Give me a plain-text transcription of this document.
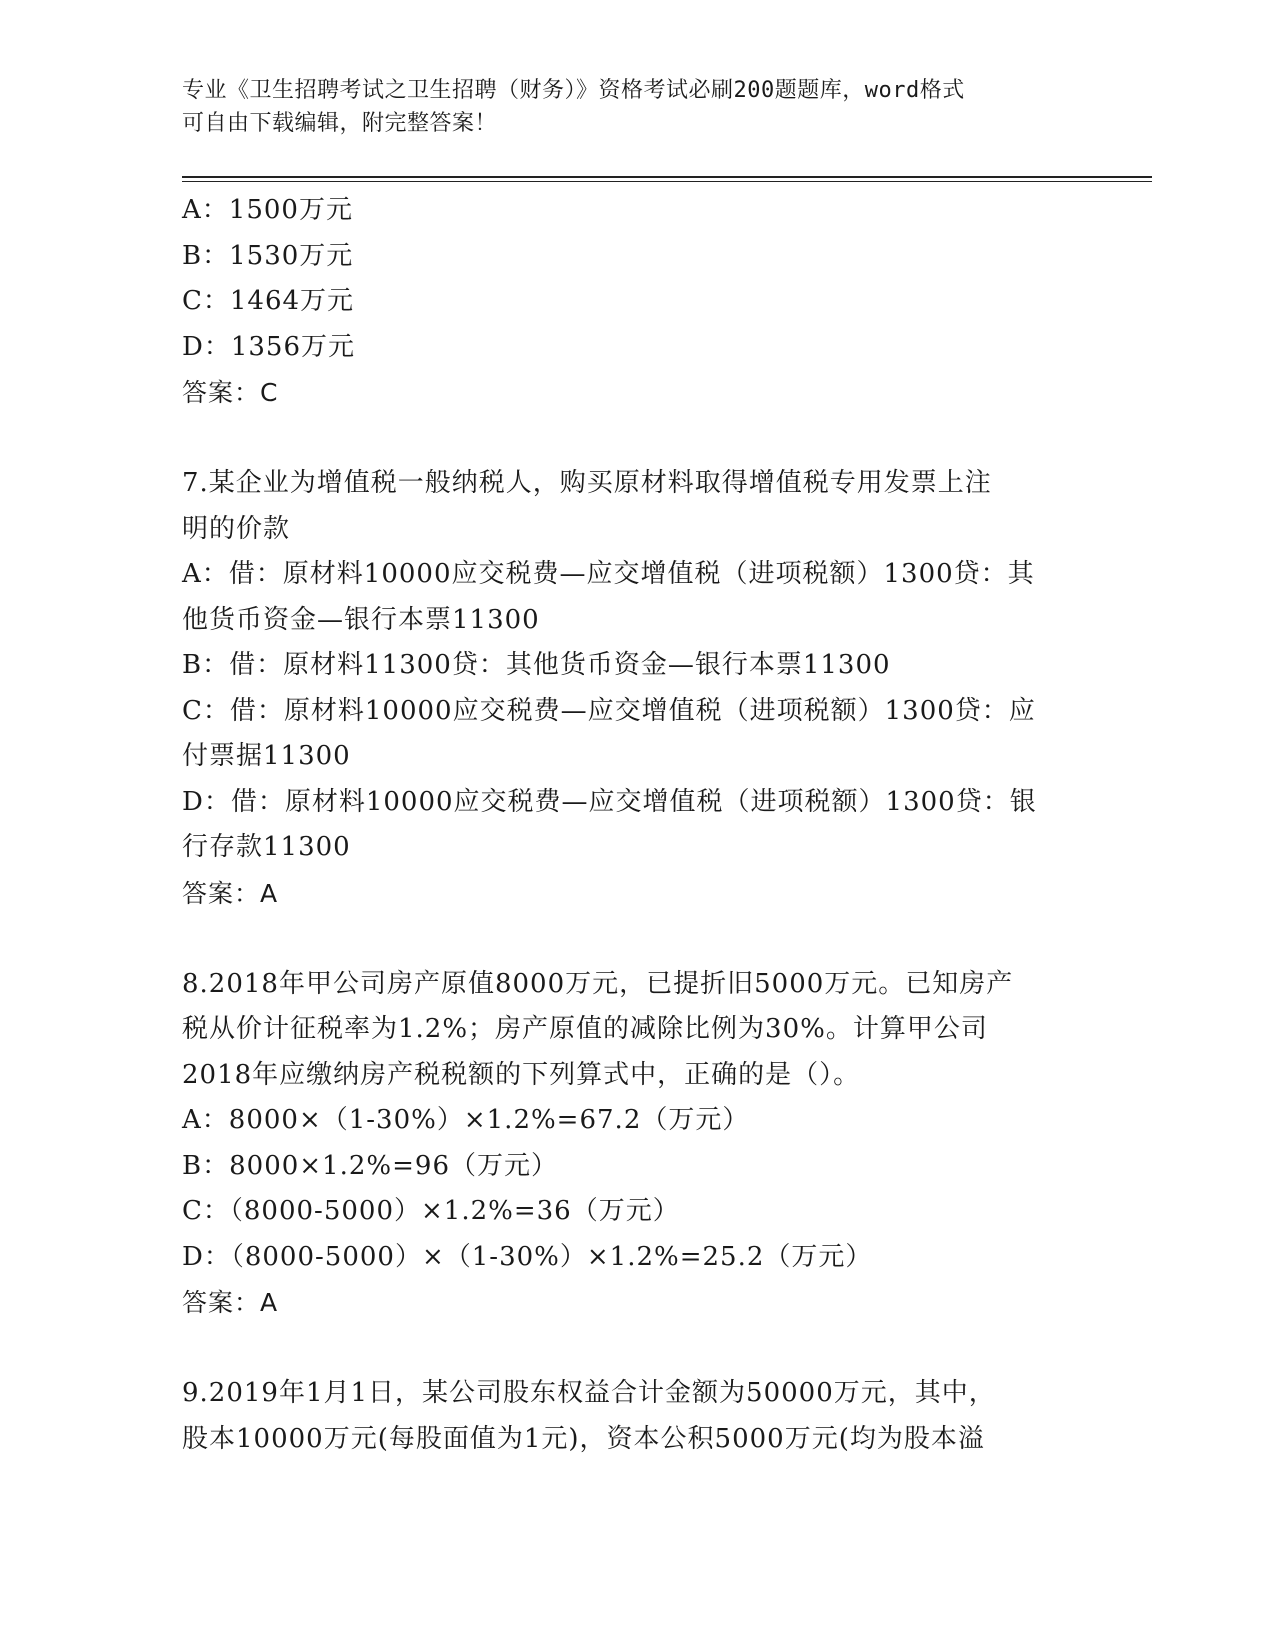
专业《卫生招聘考试之卫生招聘（财务）》资格考试必刷200题题库，word格式
可自由下载编辑，附完整答案！
A：1500万元
B：1530万元
C：1464万元
D：1356万元
答案：C
7.某企业为增值税一般纳税人，购买原材料取得增值税专用发票上注
明的价款
A：借：原材料10000应交税费—应交增值税（进项税额）1300贷：其
他货币资金—银行本票11300
B：借：原材料11300贷：其他货币资金—银行本票11300
C：借：原材料10000应交税费—应交增值税（进项税额）1300贷：应
付票据11300
D：借：原材料10000应交税费—应交增值税（进项税额）1300贷：银
行存款11300
答案：A
8.2018年甲公司房产原值8000万元，已提折旧5000万元。已知房产
税从价计征税率为1.2%；房产原值的减除比例为30%。计算甲公司
2018年应缴纳房产税税额的下列算式中，正确的是（）。
A：8000×（1-30%）×1.2%=67.2（万元）
B：8000×1.2%=96（万元）
C：（8000-5000）×1.2%=36（万元）
D：（8000-5000）×（1-30%）×1.2%=25.2（万元）
答案：A
9.2019年1月1日，某公司股东权益合计金额为50000万元，其中，
股本10000万元(每股面值为1元)，资本公积5000万元(均为股本溢
